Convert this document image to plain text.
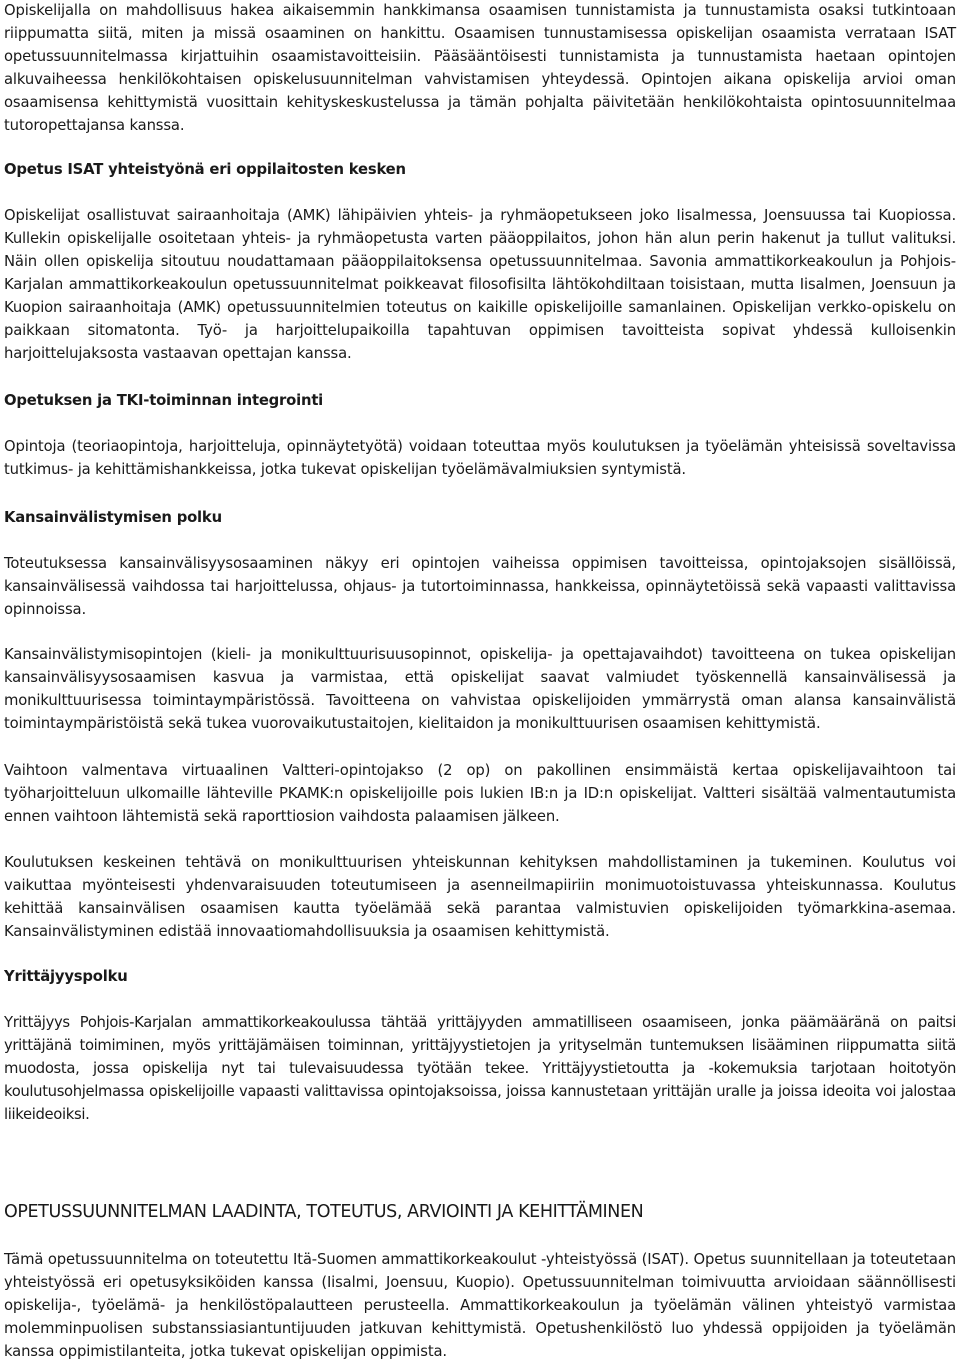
Opiskelijalla on mahdollisuus hakea aikaisemmin hankkimansa osaamisen tunnistamista ja tunnustamista osaksi tutkintoaan riippumatta siitä, miten ja missä osaaminen on hankittu. Osaamisen tunnustamisessa opiskelijan osaamista verrataan ISAT opetussuunnitelmassa kirjattuihin osaamistavoitteisiin. Pääsääntöisesti tunnistamista ja tunnustamista haetaan opintojen alkuvaiheessa henkilökohtaisen opiskelusuunnitelman vahvistamisen yhteydessä. Opintojen aikana opiskelija arvioi oman osaamisensa kehittymistä vuosittain kehityskeskustelussa ja tämän pohjalta päivitetään henkilökohtaista opintosuunnitelmaa tutoropettajansa kanssa.

Opetus ISAT yhteistyönä eri oppilaitosten kesken

Opiskelijat osallistuvat sairaanhoitaja (AMK) lähipäivien yhteis- ja ryhmäopetukseen joko Iisalmessa, Joensuussa tai Kuopiossa. Kullekin opiskelijalle osoitetaan yhteis- ja ryhmäopetusta varten pääoppilaitos, johon hän alun perin hakenut ja tullut valituksi. Näin ollen opiskelija sitoutuu noudattamaan pääoppilaitoksensa opetussuunnitelmaa. Savonia ammattikorkeakoulun ja Pohjois-Karjalan ammattikorkeakoulun opetussuunnitelmat poikkeavat filosofisilta lähtökohdiltaan toisistaan, mutta Iisalmen, Joensuun ja Kuopion sairaanhoitaja (AMK) opetussuunnitelmien toteutus on kaikille opiskelijoille samanlainen. Opiskelijan verkko-opiskelu on paikkaan sitomatonta. Työ- ja harjoittelupaikoilla tapahtuvan oppimisen tavoitteista sopivat yhdessä kulloisenkin harjoittelujaksosta vastaavan opettajan kanssa.

Opetuksen ja TKI-toiminnan integrointi

Opintoja (teoriaopintoja, harjoitteluja, opinnäytetyötä) voidaan toteuttaa myös koulutuksen ja työelämän yhteisissä soveltavissa tutkimus- ja kehittämishankkeissa, jotka tukevat opiskelijan työelämävalmiuksien syntymistä.

Kansainvälistymisen polku

Toteutuksessa kansainvälisyysosaaminen näkyy eri opintojen vaiheissa oppimisen tavoitteissa, opintojaksojen sisällöissä, kansainvälisessä vaihdossa tai harjoittelussa, ohjaus- ja tutortoiminnassa, hankkeissa, opinnäytetöissä sekä vapaasti valittavissa opinnoissa.

Kansainvälistymisopintojen (kieli- ja monikulttuurisuusopinnot, opiskelija- ja opettajavaihdot) tavoitteena on tukea opiskelijan kansainvälisyysosaamisen kasvua ja varmistaa, että opiskelijat saavat valmiudet työskennellä kansainvälisessä ja monikulttuurisessa toimintaympäristössä. Tavoitteena on vahvistaa opiskelijoiden ymmärrystä oman alansa kansainvälistä toimintaympäristöistä sekä tukea vuorovaikutustaitojen, kielitaidon ja monikulttuurisen osaamisen kehittymistä.

Vaihtoon valmentava virtuaalinen Valtteri-opintojakso (2 op) on pakollinen ensimmäistä kertaa opiskelijavaihtoon tai työharjoitteluun ulkomaille lähteville PKAMK:n opiskelijoille pois lukien IB:n ja ID:n opiskelijat. Valtteri sisältää valmentautumista ennen vaihtoon lähtemistä sekä raporttiosion vaihdosta palaamisen jälkeen.

Koulutuksen keskeinen tehtävä on monikulttuurisen yhteiskunnan kehityksen mahdollistaminen ja tukeminen. Koulutus voi vaikuttaa myönteisesti yhdenvaraisuuden toteutumiseen ja asenneilmapiiriin monimuotoistuvassa yhteiskunnassa. Koulutus kehittää kansainvälisen osaamisen kautta työelämää sekä parantaa valmistuvien opiskelijoiden työmarkkina-asemaa. Kansainvälistyminen edistää innovaatiomahdollisuuksia ja osaamisen kehittymistä.

Yrittäjyyspolku

Yrittäjyys Pohjois-Karjalan ammattikorkeakoulussa tähtää yrittäjyyden ammatilliseen osaamiseen, jonka päämääränä on paitsi yrittäjänä toimiminen, myös yrittäjämäisen toiminnan, yrittäjyystietojen ja yritysel​män tuntemuksen lisääminen riippumatta siitä muodosta, jossa opiskelija nyt tai tulevaisuudessa työtään tekee. Yrittäjyystietoutta ja -kokemuksia tarjotaan hoitotyön koulutusohjelmassa opiskelijoille vapaasti valittavissa opintojaksoissa, joissa kannustetaan yrittäjän uralle ja joissa ideoita voi jalostaa liikeideoiksi.

OPETUSSUUNNITELMAN LAADINTA, TOTEUTUS, ARVIOINTI JA KEHITTÄMINEN

Tämä opetussuunnitelma on toteutettu Itä-Suomen ammattikorkeakoulut -yhteistyössä (ISAT). Opetus suunnitellaan ja toteutetaan yhteistyössä eri opetusyksiköiden kanssa (Iisalmi, Joensuu, Kuopio). Opetussuunnitelman toimivuutta arvioidaan säännöllisesti opiskelija-, työelämä- ja henkilöstöpalautteen perusteella. Ammattikorkeakoulun ja työelämän välinen yhteistyö varmistaa molemminpuolisen substanssiasiantuntijuuden jatkuvan kehittymistä. Opetushenkilöstö luo yhdessä oppijoiden ja työelämän kanssa oppimistilanteita, jotka tukevat opiskelijan oppimista.
